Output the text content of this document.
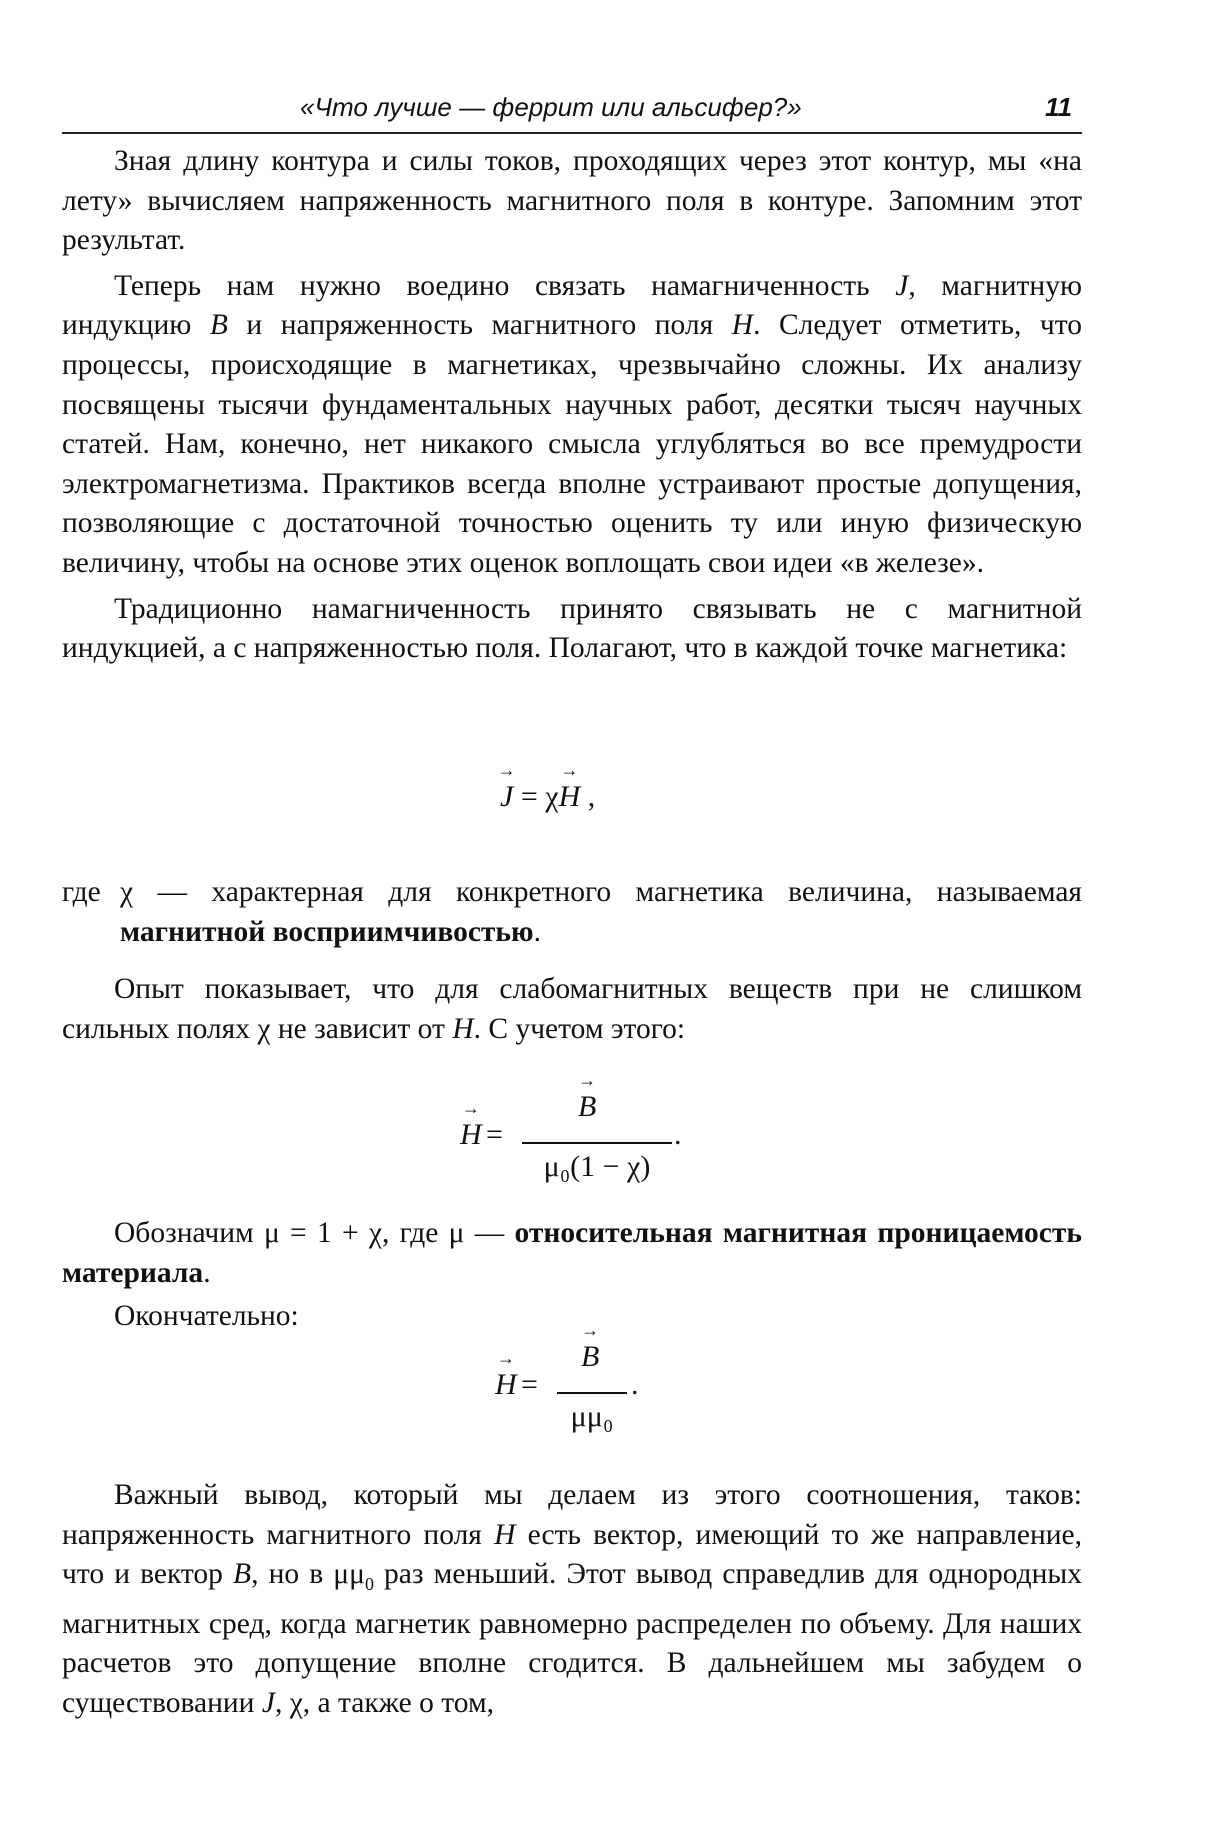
«Что лучше — феррит или альсифер?»	11

Зная длину контура и силы токов, проходящих через этот контур, мы «на лету» вычисляем напряженность магнитного поля в контуре. Запомним этот результат.

Теперь нам нужно воедино связать намагниченность J, магнитную индукцию B и напряженность магнитного поля H. Следует отметить, что процессы, происходящие в магнетиках, чрезвычайно сложны. Их анализу посвящены тысячи фундаментальных научных работ, десятки тысяч научных статей. Нам, конечно, нет никакого смысла углубляться во все премудрости электромагнетизма. Практиков всегда вполне устраивают простые допущения, позволяющие с достаточной точностью оценить ту или иную физическую величину, чтобы на основе этих оценок воплощать свои идеи «в железе».

Традиционно намагниченность принято связывать не с магнитной индукцией, а с напряженностью поля. Полагают, что в каждой точке магнетика:

→ J = χ→ H ,
где χ — характерная для конкретного магнетика величина, называемая магнитной восприимчивостью.

Опыт показывает, что для слабомагнитных веществ при не слишком сильных полях χ не зависит от H. С учетом этого:

→ H =
→ B
μ₀(1 − χ)
.

Обозначим μ = 1 + χ, где μ — относительная магнитная проницаемость материала.

Окончательно:

→ H =
→ B
μμ₀
.

Важный вывод, который мы делаем из этого соотношения, таков: напряженность магнитного поля H есть вектор, имеющий то же направление, что и вектор B, но в $\mu\mu_0$ раз меньший. Этот вывод справедлив для однородных магнитных сред, когда магнетик равномерно распределен по объему. Для наших расчетов это допущение вполне сгодится. В дальнейшем мы забудем о существовании J, χ, а также о том,
